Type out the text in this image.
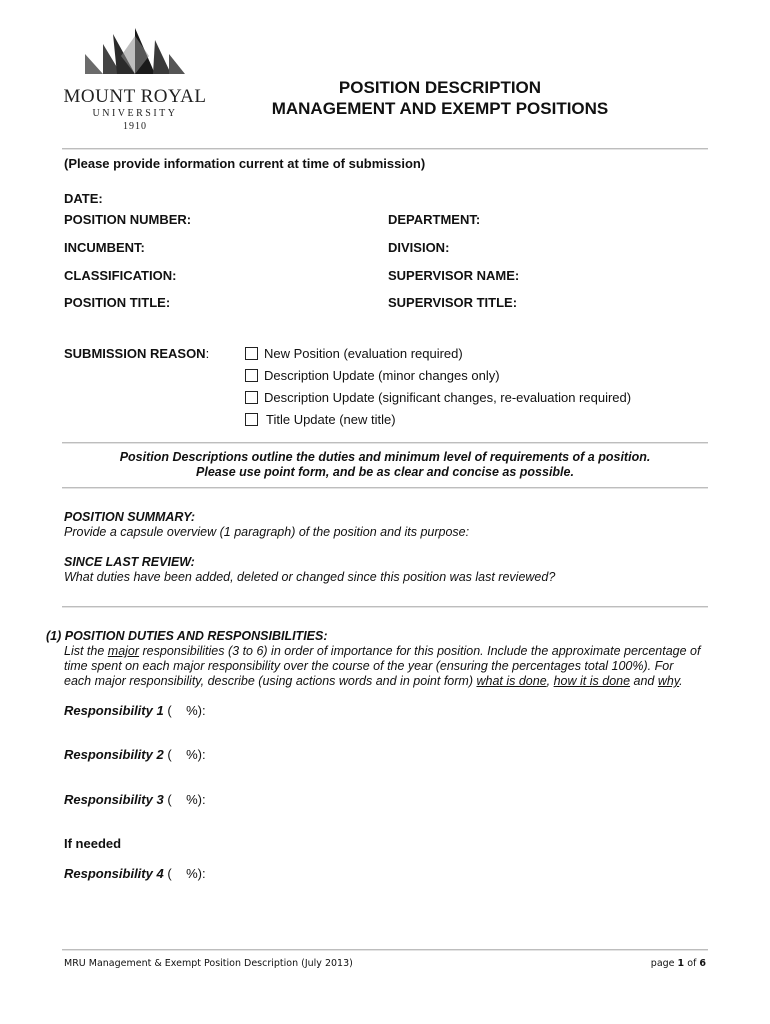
MOUNT ROYAL
UNIVERSITY
1910
POSITION DESCRIPTION
MANAGEMENT AND EXEMPT POSITIONS
(Please provide information current at time of submission)
DATE:
POSITION NUMBER:	DEPARTMENT:
INCUMBENT:	DIVISION:
CLASSIFICATION:	SUPERVISOR NAME:
POSITION TITLE:	SUPERVISOR TITLE:
SUBMISSION REASON:	New Position (evaluation required)
Description Update (minor changes only)
Description Update (significant changes, re-evaluation required)
Title Update (new title)
Position Descriptions outline the duties and minimum level of requirements of a position.
Please use point form, and be as clear and concise as possible.
POSITION SUMMARY:
Provide a capsule overview (1 paragraph) of the position and its purpose:
SINCE LAST REVIEW:
What duties have been added, deleted or changed since this position was last reviewed?
(1) POSITION DUTIES AND RESPONSIBILITIES:
List the major responsibilities (3 to 6) in order of importance for this position. Include the approximate percentage of
time spent on each major responsibility over the course of the year (ensuring the percentages total 100%). For
each major responsibility, describe (using actions words and in point form) what is done, how it is done and why.
Responsibility 1 (    %):
Responsibility 2 (    %):
Responsibility 3 (    %):
If needed
Responsibility 4 (    %):
MRU Management & Exempt Position Description (July 2013)	page 1 of 6
